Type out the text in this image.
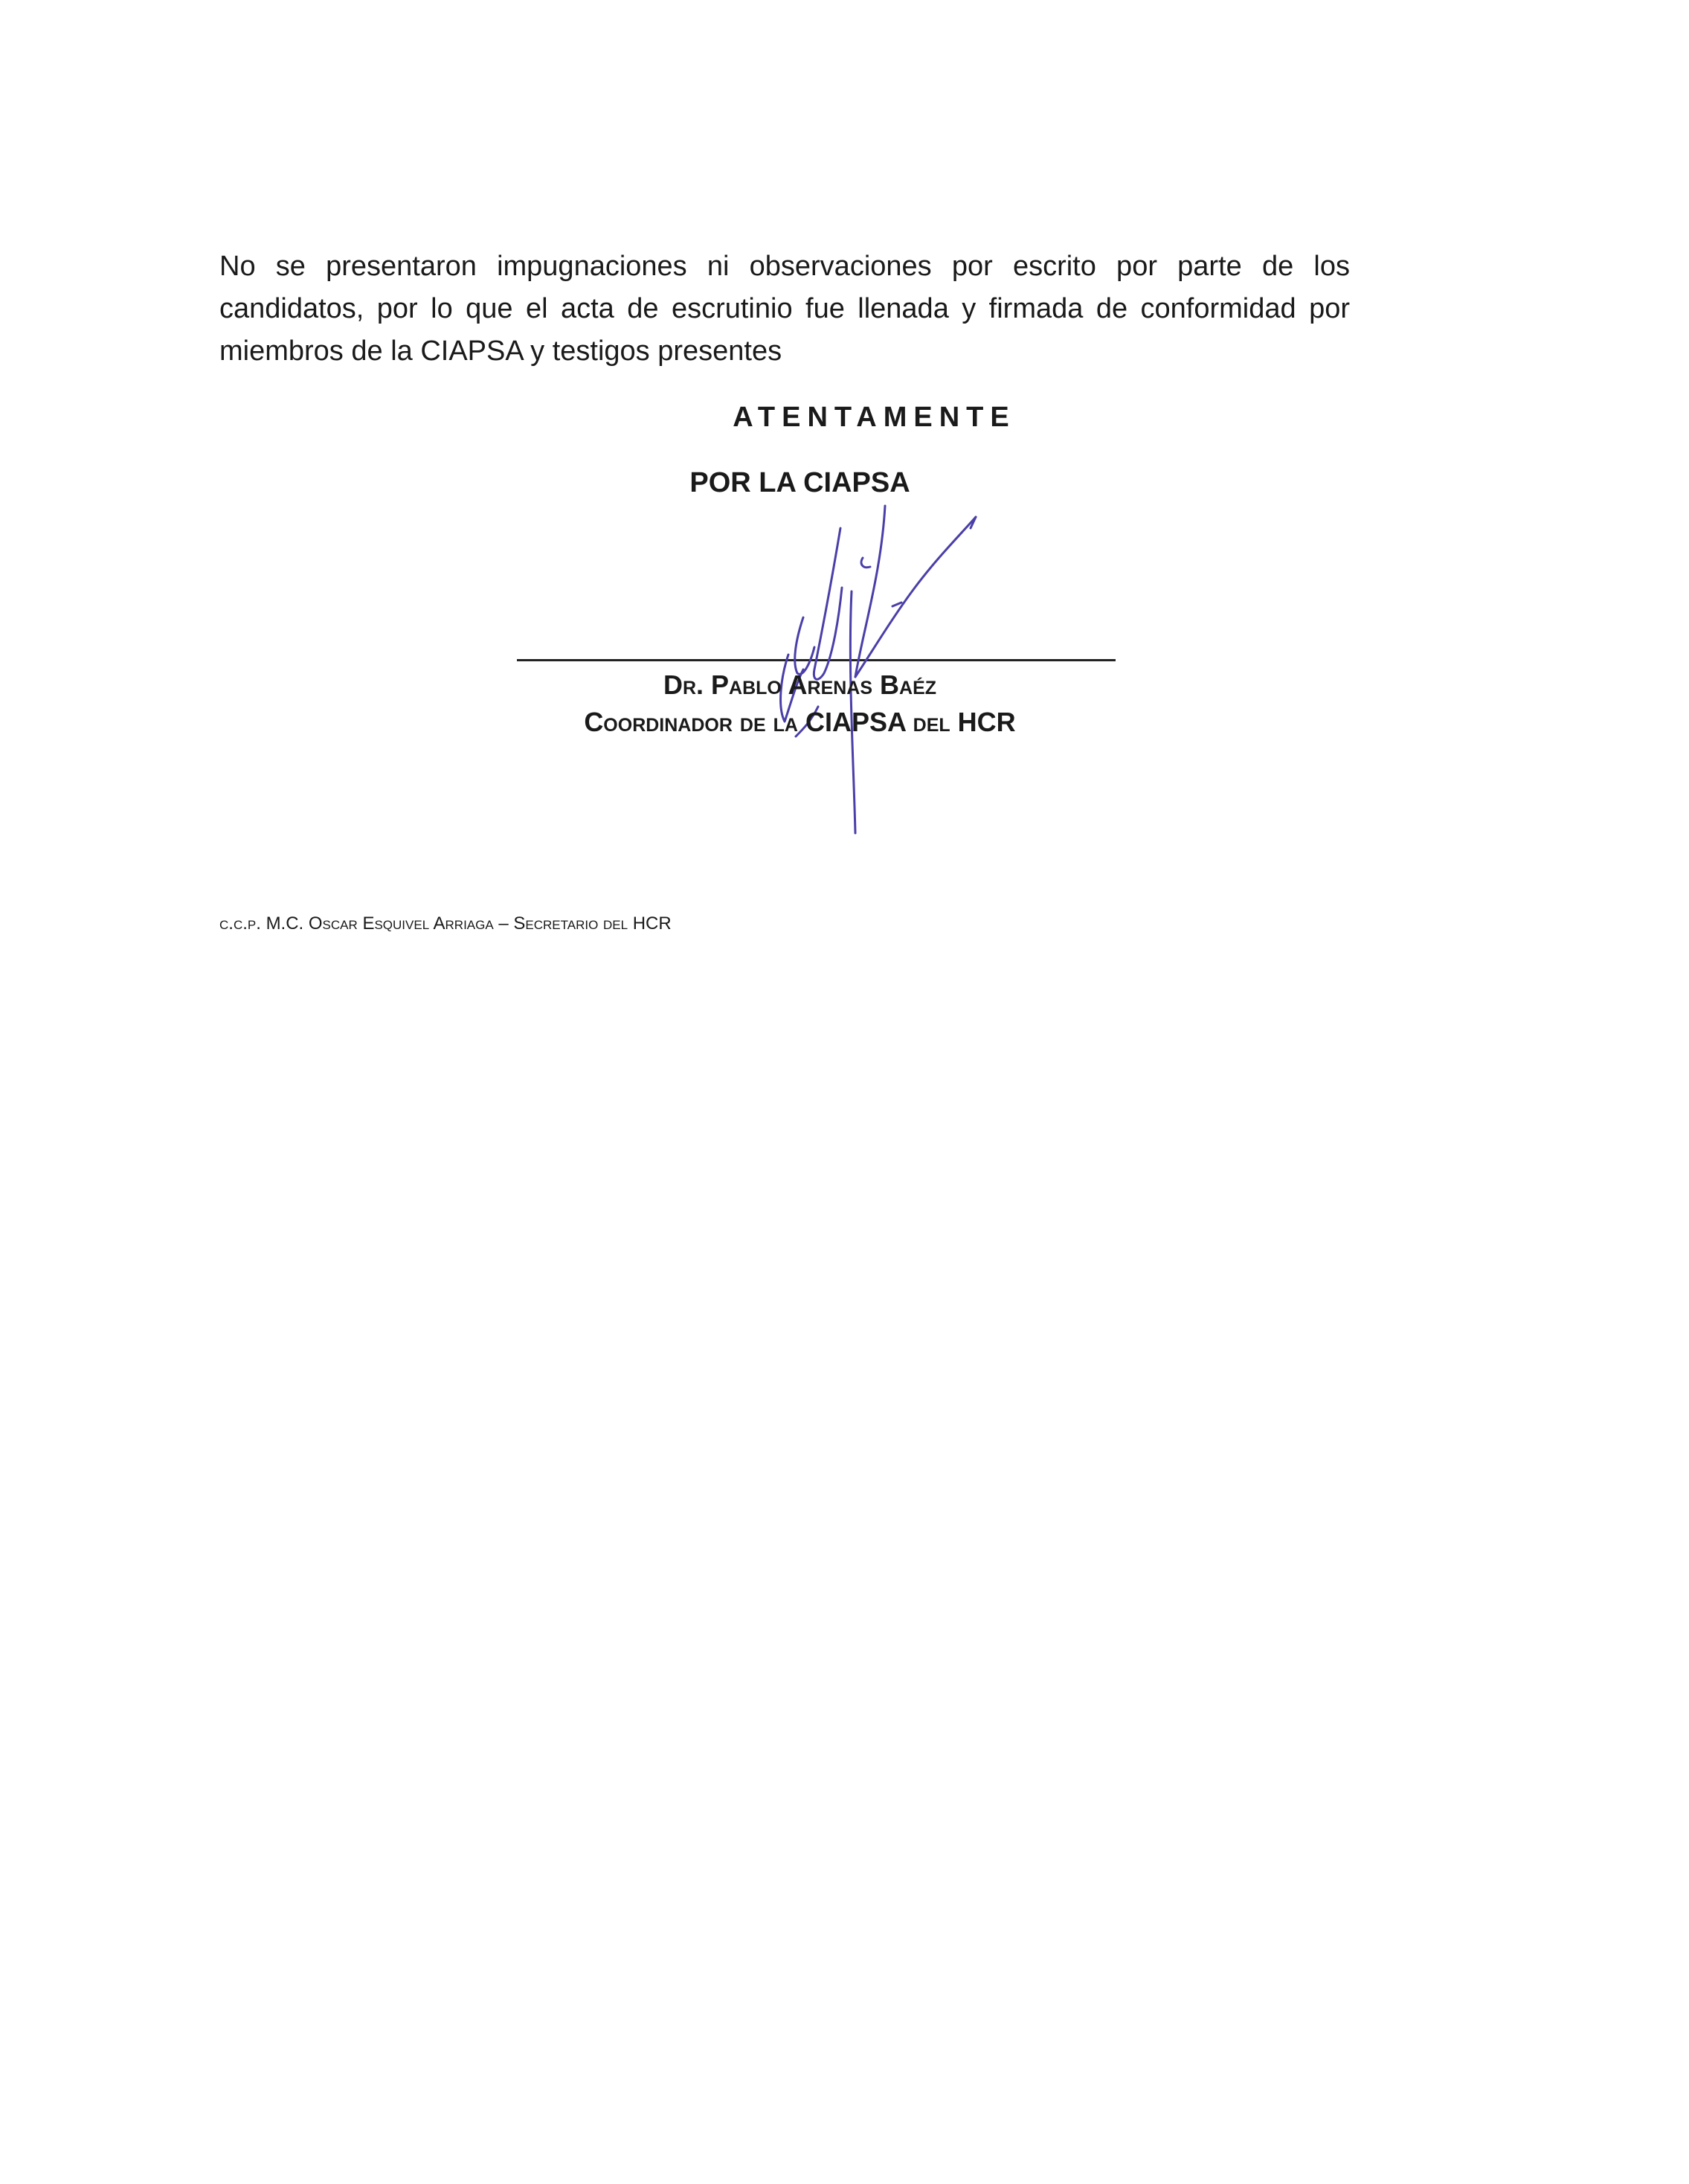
No se presentaron impugnaciones ni observaciones por escrito por parte de los candidatos, por lo que el acta de escrutinio fue llenada y firmada de conformidad por miembros de la CIAPSA y testigos presentes

ATENTAMENTE

POR LA CIAPSA

Dr. Pablo Arenas Baéz

Coordinador de la CIAPSA del HCR

c.c.p. M.C. Oscar Esquivel Arriaga – Secretario del HCR
